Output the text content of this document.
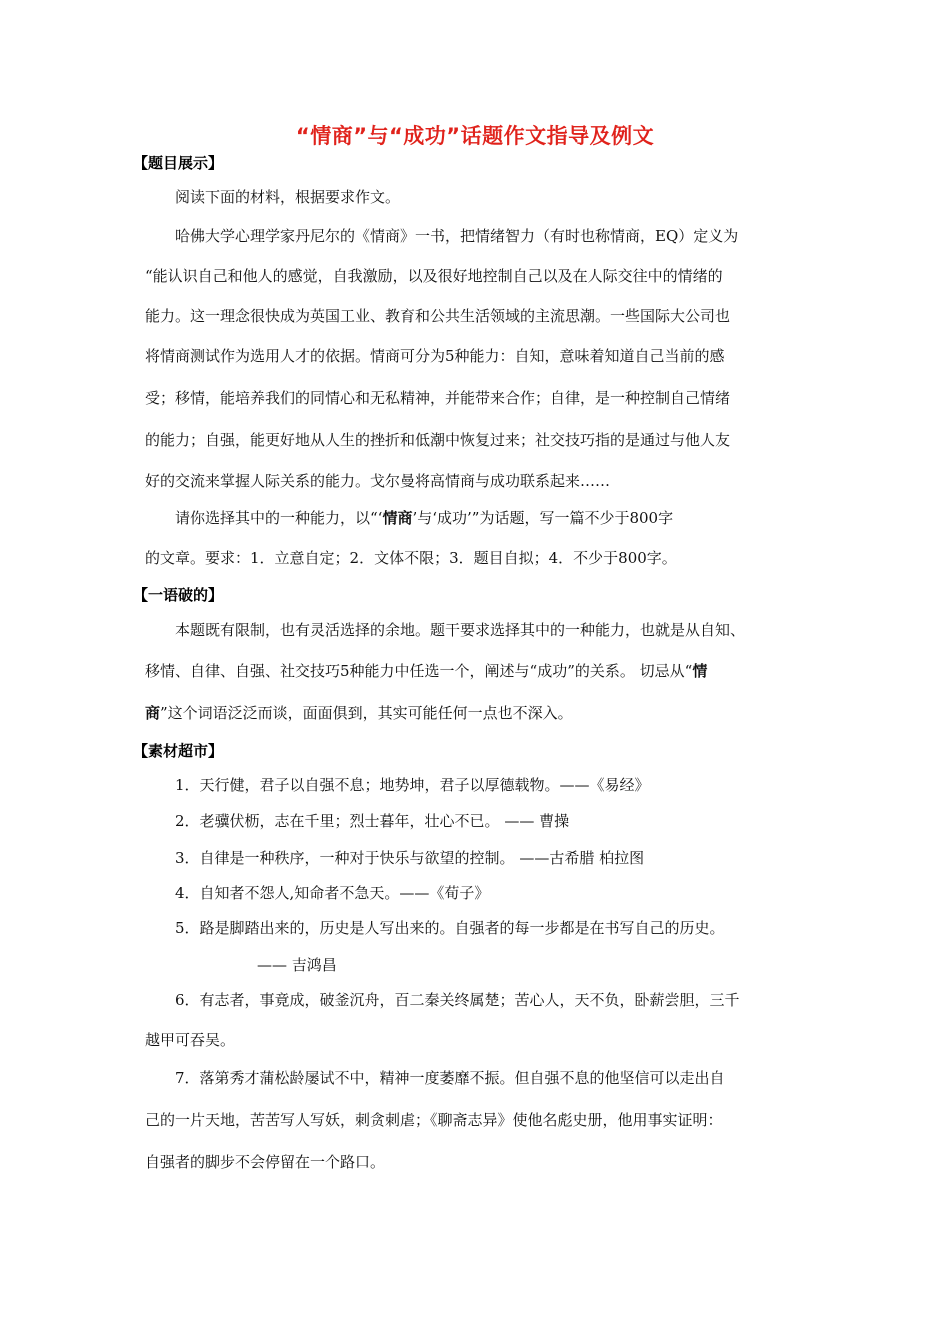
“情商”与“成功”话题作文指导及例文
【题目展示】
阅读下面的材料，根据要求作文。
哈佛大学心理学家丹尼尔的《情商》一书，把情绪智力（有时也称情商，EQ）定义为
“能认识自己和他人的感觉，自我激励，以及很好地控制自己以及在人际交往中的情绪的
能力。这一理念很快成为英国工业、教育和公共生活领域的主流思潮。一些国际大公司也
将情商测试作为选用人才的依据。情商可分为5种能力：自知，意味着知道自己当前的感
受；移情，能培养我们的同情心和无私精神，并能带来合作；自律，是一种控制自己情绪
的能力；自强，能更好地从人生的挫折和低潮中恢复过来；社交技巧指的是通过与他人友
好的交流来掌握人际关系的能力。戈尔曼将高情商与成功联系起来……
请你选择其中的一种能力，以“‘情商’与‘成功’”为话题，写一篇不少于800字
的文章。要求：1．立意自定；2．文体不限；3．题目自拟；4．不少于800字。
【一语破的】
本题既有限制，也有灵活选择的余地。题干要求选择其中的一种能力，也就是从自知、
移情、自律、自强、社交技巧5种能力中任选一个，阐述与“成功”的关系。 切忌从“情
商”这个词语泛泛而谈，面面俱到，其实可能任何一点也不深入。
【素材超市】
1．天行健，君子以自强不息；地势坤，君子以厚德载物。——《易经》
2．老骥伏枥，志在千里；烈士暮年，壮心不已。 —— 曹操
3．自律是一种秩序，一种对于快乐与欲望的控制。 ——古希腊 柏拉图
4．自知者不怨人,知命者不急天。——《荀子》
5．路是脚踏出来的，历史是人写出来的。自强者的每一步都是在书写自己的历史。
—— 吉鸿昌
6．有志者，事竟成，破釜沉舟，百二秦关终属楚；苦心人，天不负，卧薪尝胆，三千
越甲可吞吴。
7．落第秀才蒲松龄屡试不中，精神一度萎靡不振。但自强不息的他坚信可以走出自
己的一片天地，苦苦写人写妖，刺贪刺虐；《聊斋志异》使他名彪史册，他用事实证明：
自强者的脚步不会停留在一个路口。
